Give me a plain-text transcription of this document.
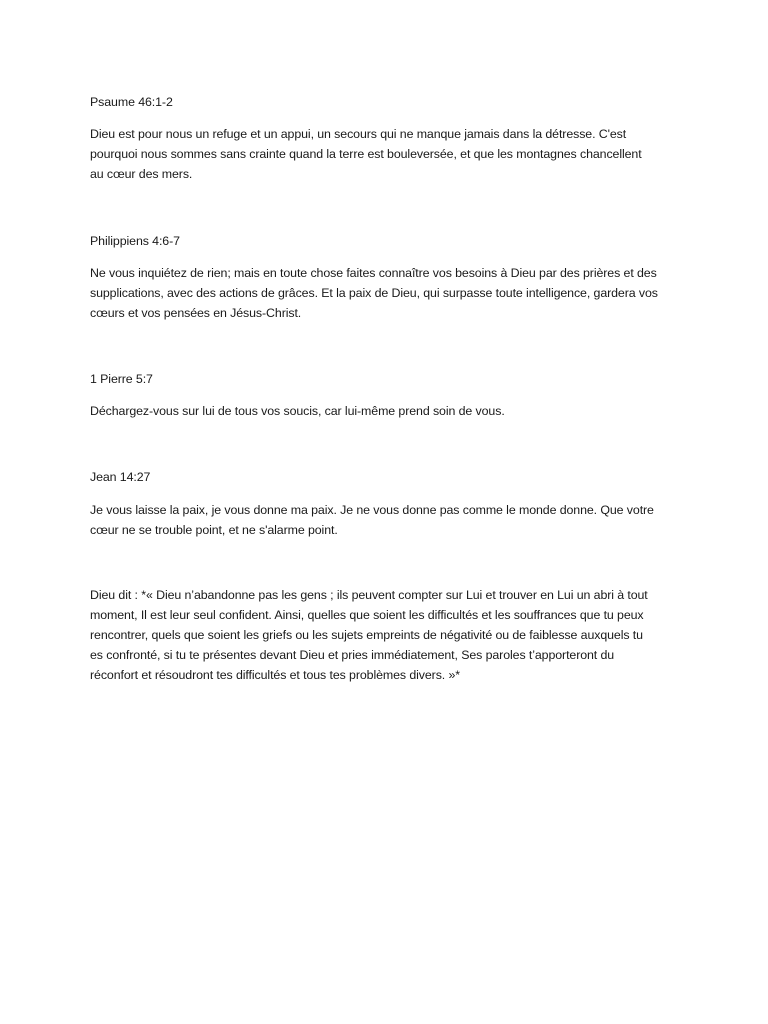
Psaume 46:1-2

Dieu est pour nous un refuge et un appui, un secours qui ne manque jamais dans la détresse. C'est
pourquoi nous sommes sans crainte quand la terre est bouleversée, et que les montagnes chancellent
au cœur des mers.

Philippiens 4:6-7

Ne vous inquiétez de rien; mais en toute chose faites connaître vos besoins à Dieu par des prières et des
supplications, avec des actions de grâces. Et la paix de Dieu, qui surpasse toute intelligence, gardera vos
cœurs et vos pensées en Jésus-Christ.

1 Pierre 5:7

Déchargez-vous sur lui de tous vos soucis, car lui-même prend soin de vous.

Jean 14:27

Je vous laisse la paix, je vous donne ma paix. Je ne vous donne pas comme le monde donne. Que votre
cœur ne se trouble point, et ne s'alarme point.

Dieu dit : *« Dieu n’abandonne pas les gens ; ils peuvent compter sur Lui et trouver en Lui un abri à tout
moment, Il est leur seul confident. Ainsi, quelles que soient les difficultés et les souffrances que tu peux
rencontrer, quels que soient les griefs ou les sujets empreints de négativité ou de faiblesse auxquels tu
es confronté, si tu te présentes devant Dieu et pries immédiatement, Ses paroles t’apporteront du
réconfort et résoudront tes difficultés et tous tes problèmes divers. »*
